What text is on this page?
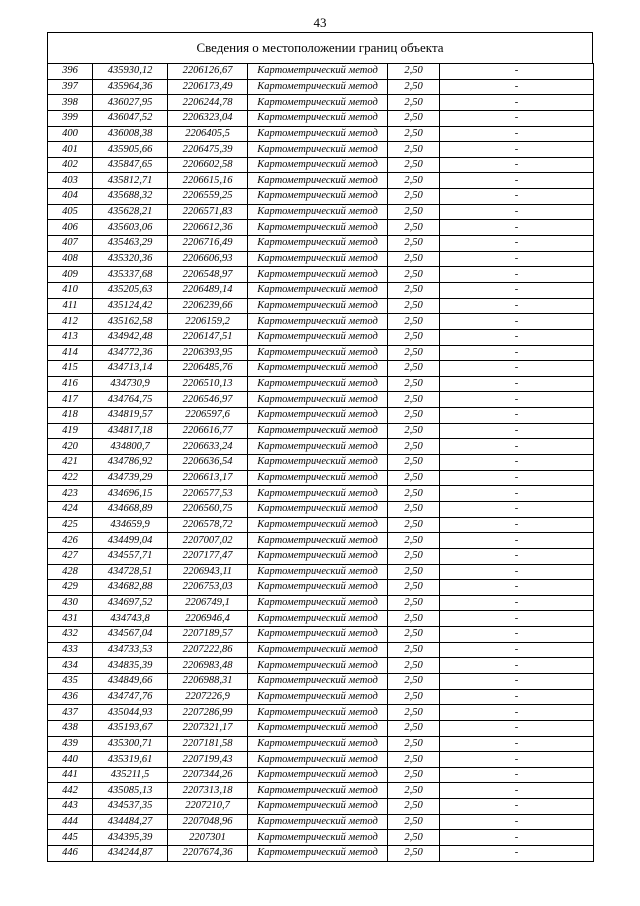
43
Сведения о местоположении границ объекта
396	435930,12	2206126,67	Картометрический метод	2,50	-
397	435964,36	2206173,49	Картометрический метод	2,50	-
398	436027,95	2206244,78	Картометрический метод	2,50	-
399	436047,52	2206323,04	Картометрический метод	2,50	-
400	436008,38	2206405,5	Картометрический метод	2,50	-
401	435905,66	2206475,39	Картометрический метод	2,50	-
402	435847,65	2206602,58	Картометрический метод	2,50	-
403	435812,71	2206615,16	Картометрический метод	2,50	-
404	435688,32	2206559,25	Картометрический метод	2,50	-
405	435628,21	2206571,83	Картометрический метод	2,50	-
406	435603,06	2206612,36	Картометрический метод	2,50	-
407	435463,29	2206716,49	Картометрический метод	2,50	-
408	435320,36	2206606,93	Картометрический метод	2,50	-
409	435337,68	2206548,97	Картометрический метод	2,50	-
410	435205,63	2206489,14	Картометрический метод	2,50	-
411	435124,42	2206239,66	Картометрический метод	2,50	-
412	435162,58	2206159,2	Картометрический метод	2,50	-
413	434942,48	2206147,51	Картометрический метод	2,50	-
414	434772,36	2206393,95	Картометрический метод	2,50	-
415	434713,14	2206485,76	Картометрический метод	2,50	-
416	434730,9	2206510,13	Картометрический метод	2,50	-
417	434764,75	2206546,97	Картометрический метод	2,50	-
418	434819,57	2206597,6	Картометрический метод	2,50	-
419	434817,18	2206616,77	Картометрический метод	2,50	-
420	434800,7	2206633,24	Картометрический метод	2,50	-
421	434786,92	2206636,54	Картометрический метод	2,50	-
422	434739,29	2206613,17	Картометрический метод	2,50	-
423	434696,15	2206577,53	Картометрический метод	2,50	-
424	434668,89	2206560,75	Картометрический метод	2,50	-
425	434659,9	2206578,72	Картометрический метод	2,50	-
426	434499,04	2207007,02	Картометрический метод	2,50	-
427	434557,71	2207177,47	Картометрический метод	2,50	-
428	434728,51	2206943,11	Картометрический метод	2,50	-
429	434682,88	2206753,03	Картометрический метод	2,50	-
430	434697,52	2206749,1	Картометрический метод	2,50	-
431	434743,8	2206946,4	Картометрический метод	2,50	-
432	434567,04	2207189,57	Картометрический метод	2,50	-
433	434733,53	2207222,86	Картометрический метод	2,50	-
434	434835,39	2206983,48	Картометрический метод	2,50	-
435	434849,66	2206988,31	Картометрический метод	2,50	-
436	434747,76	2207226,9	Картометрический метод	2,50	-
437	435044,93	2207286,99	Картометрический метод	2,50	-
438	435193,67	2207321,17	Картометрический метод	2,50	-
439	435300,71	2207181,58	Картометрический метод	2,50	-
440	435319,61	2207199,43	Картометрический метод	2,50	-
441	435211,5	2207344,26	Картометрический метод	2,50	-
442	435085,13	2207313,18	Картометрический метод	2,50	-
443	434537,35	2207210,7	Картометрический метод	2,50	-
444	434484,27	2207048,96	Картометрический метод	2,50	-
445	434395,39	2207301	Картометрический метод	2,50	-
446	434244,87	2207674,36	Картометрический метод	2,50	-
